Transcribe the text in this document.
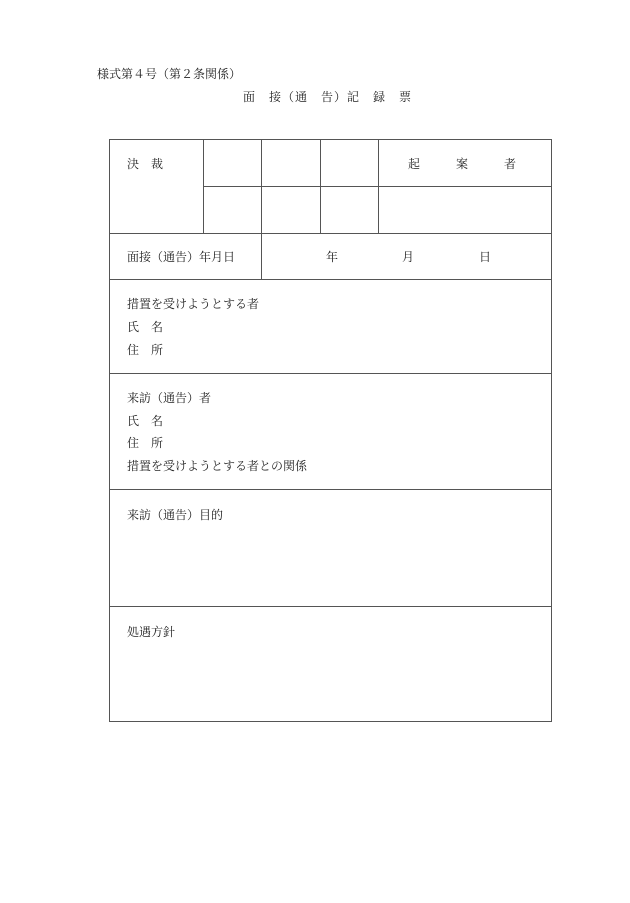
様式第４号（第２条関係）
面　接（通　告）記　録　票
決　裁	起　　　案　　　者
面接（通告）年月日	年	月	日
措置を受けようとする者
氏　名
住　所
来訪（通告）者
氏　名
住　所
措置を受けようとする者との関係
来訪（通告）目的
処遇方針
